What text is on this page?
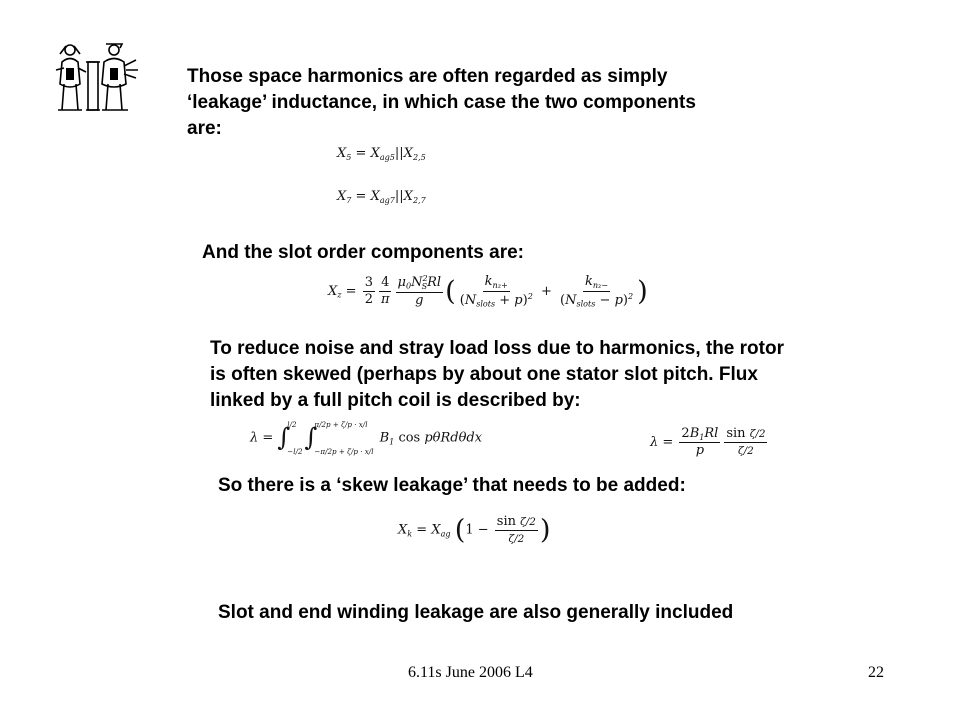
Those space harmonics are often regarded as simply
‘leakage’ inductance, in which case the two components
are:

$X_5 = X_{ag5}||X_{2,5}$
$X_7 = X_{ag7}||X_{2,7}$

And the slot order components are:

$X_z = \frac{3}{2} \frac{4}{\pi} \frac{\mu_0N^2_SRl}{g}$ ( $\frac{k_{nz+}}{(N_{slots} + p)^2} + \frac{k_{nz-}}{(N_{slots} - p)^2}$ )

To reduce noise and stray load loss due to harmonics, the rotor
is often skewed (perhaps by about one stator slot pitch. Flux
linked by a full pitch coil is described by:

λ = ∫
l/2
−l/2 ∫
π/2p + ζ/p · x/l
−π/2p + ζ/p · x/l
$B_1$ cos pθRdθdx	$\lambda = \frac{2B_1Rl}{p} \frac{\text{sin ζ/2}}{\zeta/2}$

So there is a ‘skew leakage’ that needs to be added:

$X_k = X_{ag}$ ($1 - \frac{\text{sin ζ/2}}{\zeta/2}$ )

Slot and end winding leakage are also generally included

6.11s June 2006 L4	22
